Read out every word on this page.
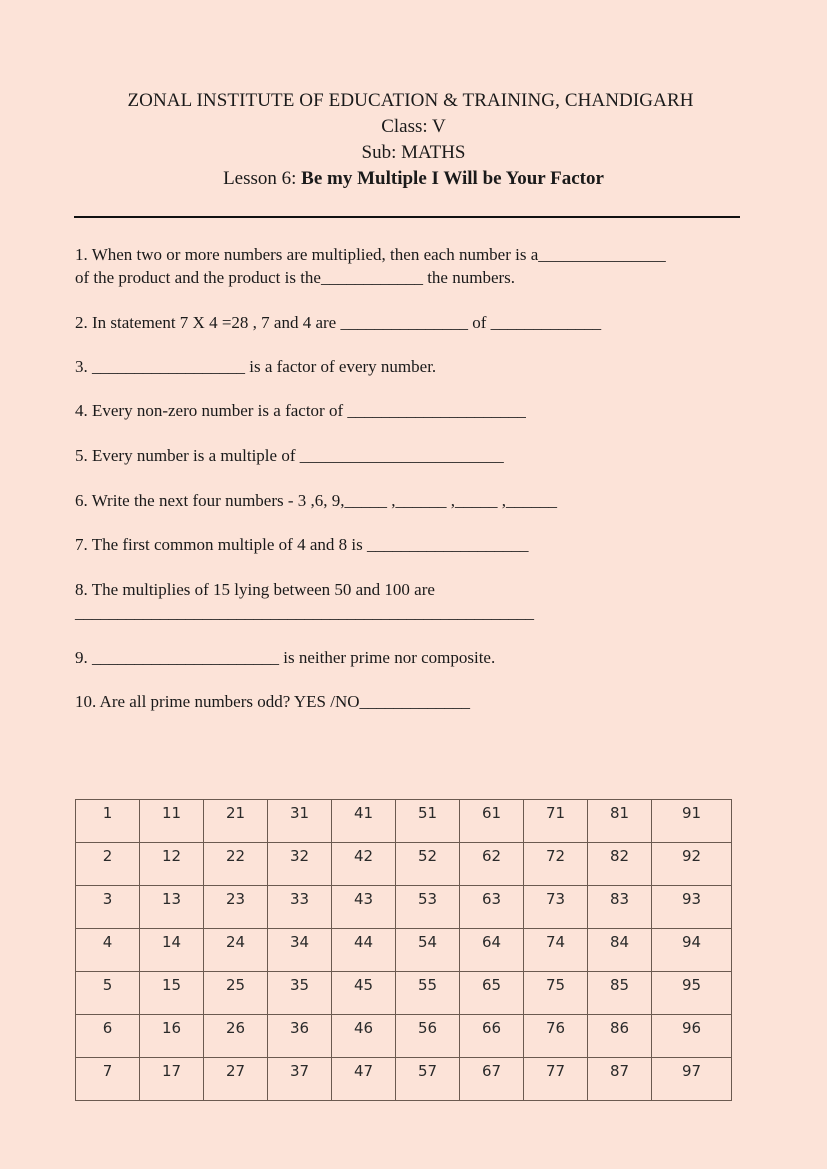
ZONAL INSTITUTE OF EDUCATION & TRAINING, CHANDIGARH
Class: V
Sub: MATHS
Lesson 6: Be my Multiple I Will be Your Factor
1. When two or more numbers are multiplied, then each number is a_______________
of the product and the product is the____________ the numbers.
2. In statement 7 X 4 =28 , 7 and 4 are _______________ of _____________
3. __________________ is a factor of every number.
4. Every non-zero number is a factor of _____________________
5. Every number is a multiple of ________________________
6. Write the next four numbers - 3 ,6, 9,_____ ,______ ,_____ ,______
7. The first common multiple of 4 and 8 is ___________________
8. The multiplies of 15 lying between 50 and 100 are
______________________________________________________
9. ______________________ is neither prime nor composite.
10. Are all prime numbers odd? YES /NO_____________
1	11	21	31	41	51	61	71	81	91
2	12	22	32	42	52	62	72	82	92
3	13	23	33	43	53	63	73	83	93
4	14	24	34	44	54	64	74	84	94
5	15	25	35	45	55	65	75	85	95
6	16	26	36	46	56	66	76	86	96
7	17	27	37	47	57	67	77	87	97
